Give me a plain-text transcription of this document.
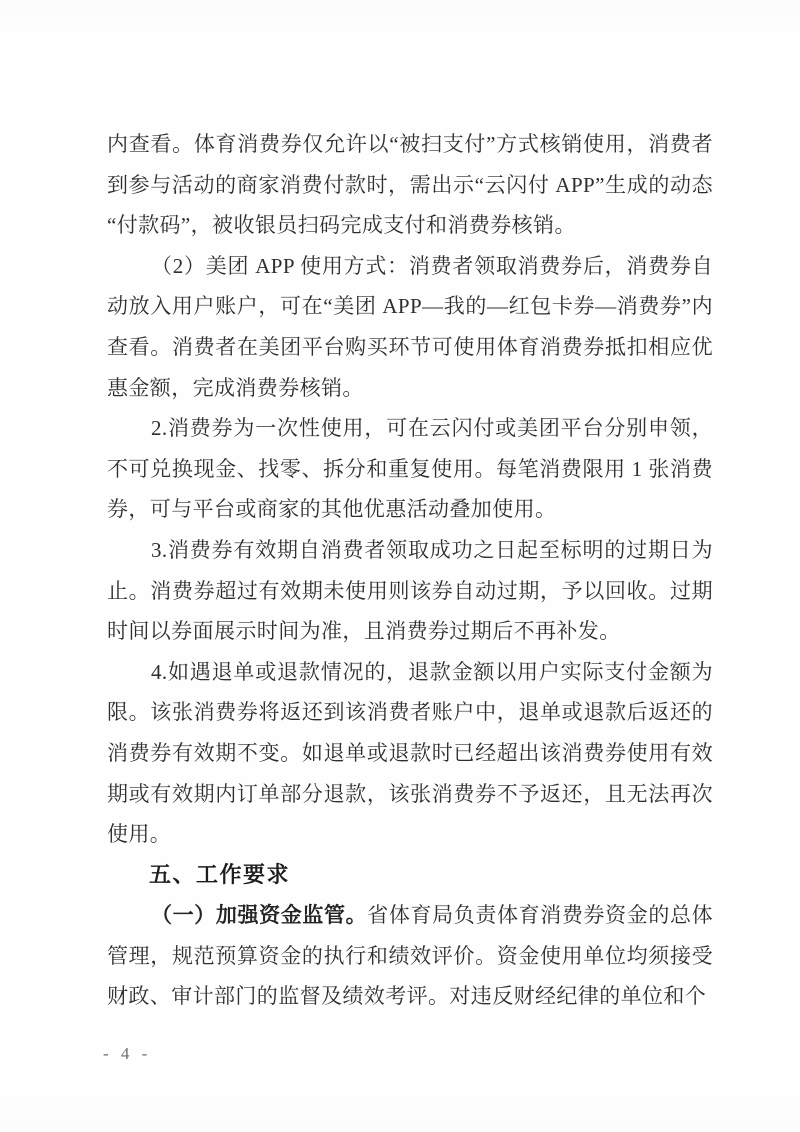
内查看。体育消费券仅允许以“被扫支付”方式核销使用，消费者到参与活动的商家消费付款时，需出示“云闪付 APP”生成的动态“付款码”，被收银员扫码完成支付和消费券核销。

（2）美团 APP 使用方式：消费者领取消费券后，消费券自动放入用户账户，可在“美团 APP—我的—红包卡券—消费券”内查看。消费者在美团平台购买环节可使用体育消费券抵扣相应优惠金额，完成消费券核销。

2.消费券为一次性使用，可在云闪付或美团平台分别申领，不可兑换现金、找零、拆分和重复使用。每笔消费限用 1 张消费券，可与平台或商家的其他优惠活动叠加使用。

3.消费券有效期自消费者领取成功之日起至标明的过期日为止。消费券超过有效期未使用则该券自动过期，予以回收。过期时间以券面展示时间为准，且消费券过期后不再补发。

4.如遇退单或退款情况的，退款金额以用户实际支付金额为限。该张消费券将返还到该消费者账户中，退单或退款后返还的消费券有效期不变。如退单或退款时已经超出该消费券使用有效期或有效期内订单部分退款，该张消费券不予返还，且无法再次使用。

五、工作要求

（一）加强资金监管。省体育局负责体育消费券资金的总体管理，规范预算资金的执行和绩效评价。资金使用单位均须接受财政、审计部门的监督及绩效考评。对违反财经纪律的单位和个

- 4 -
